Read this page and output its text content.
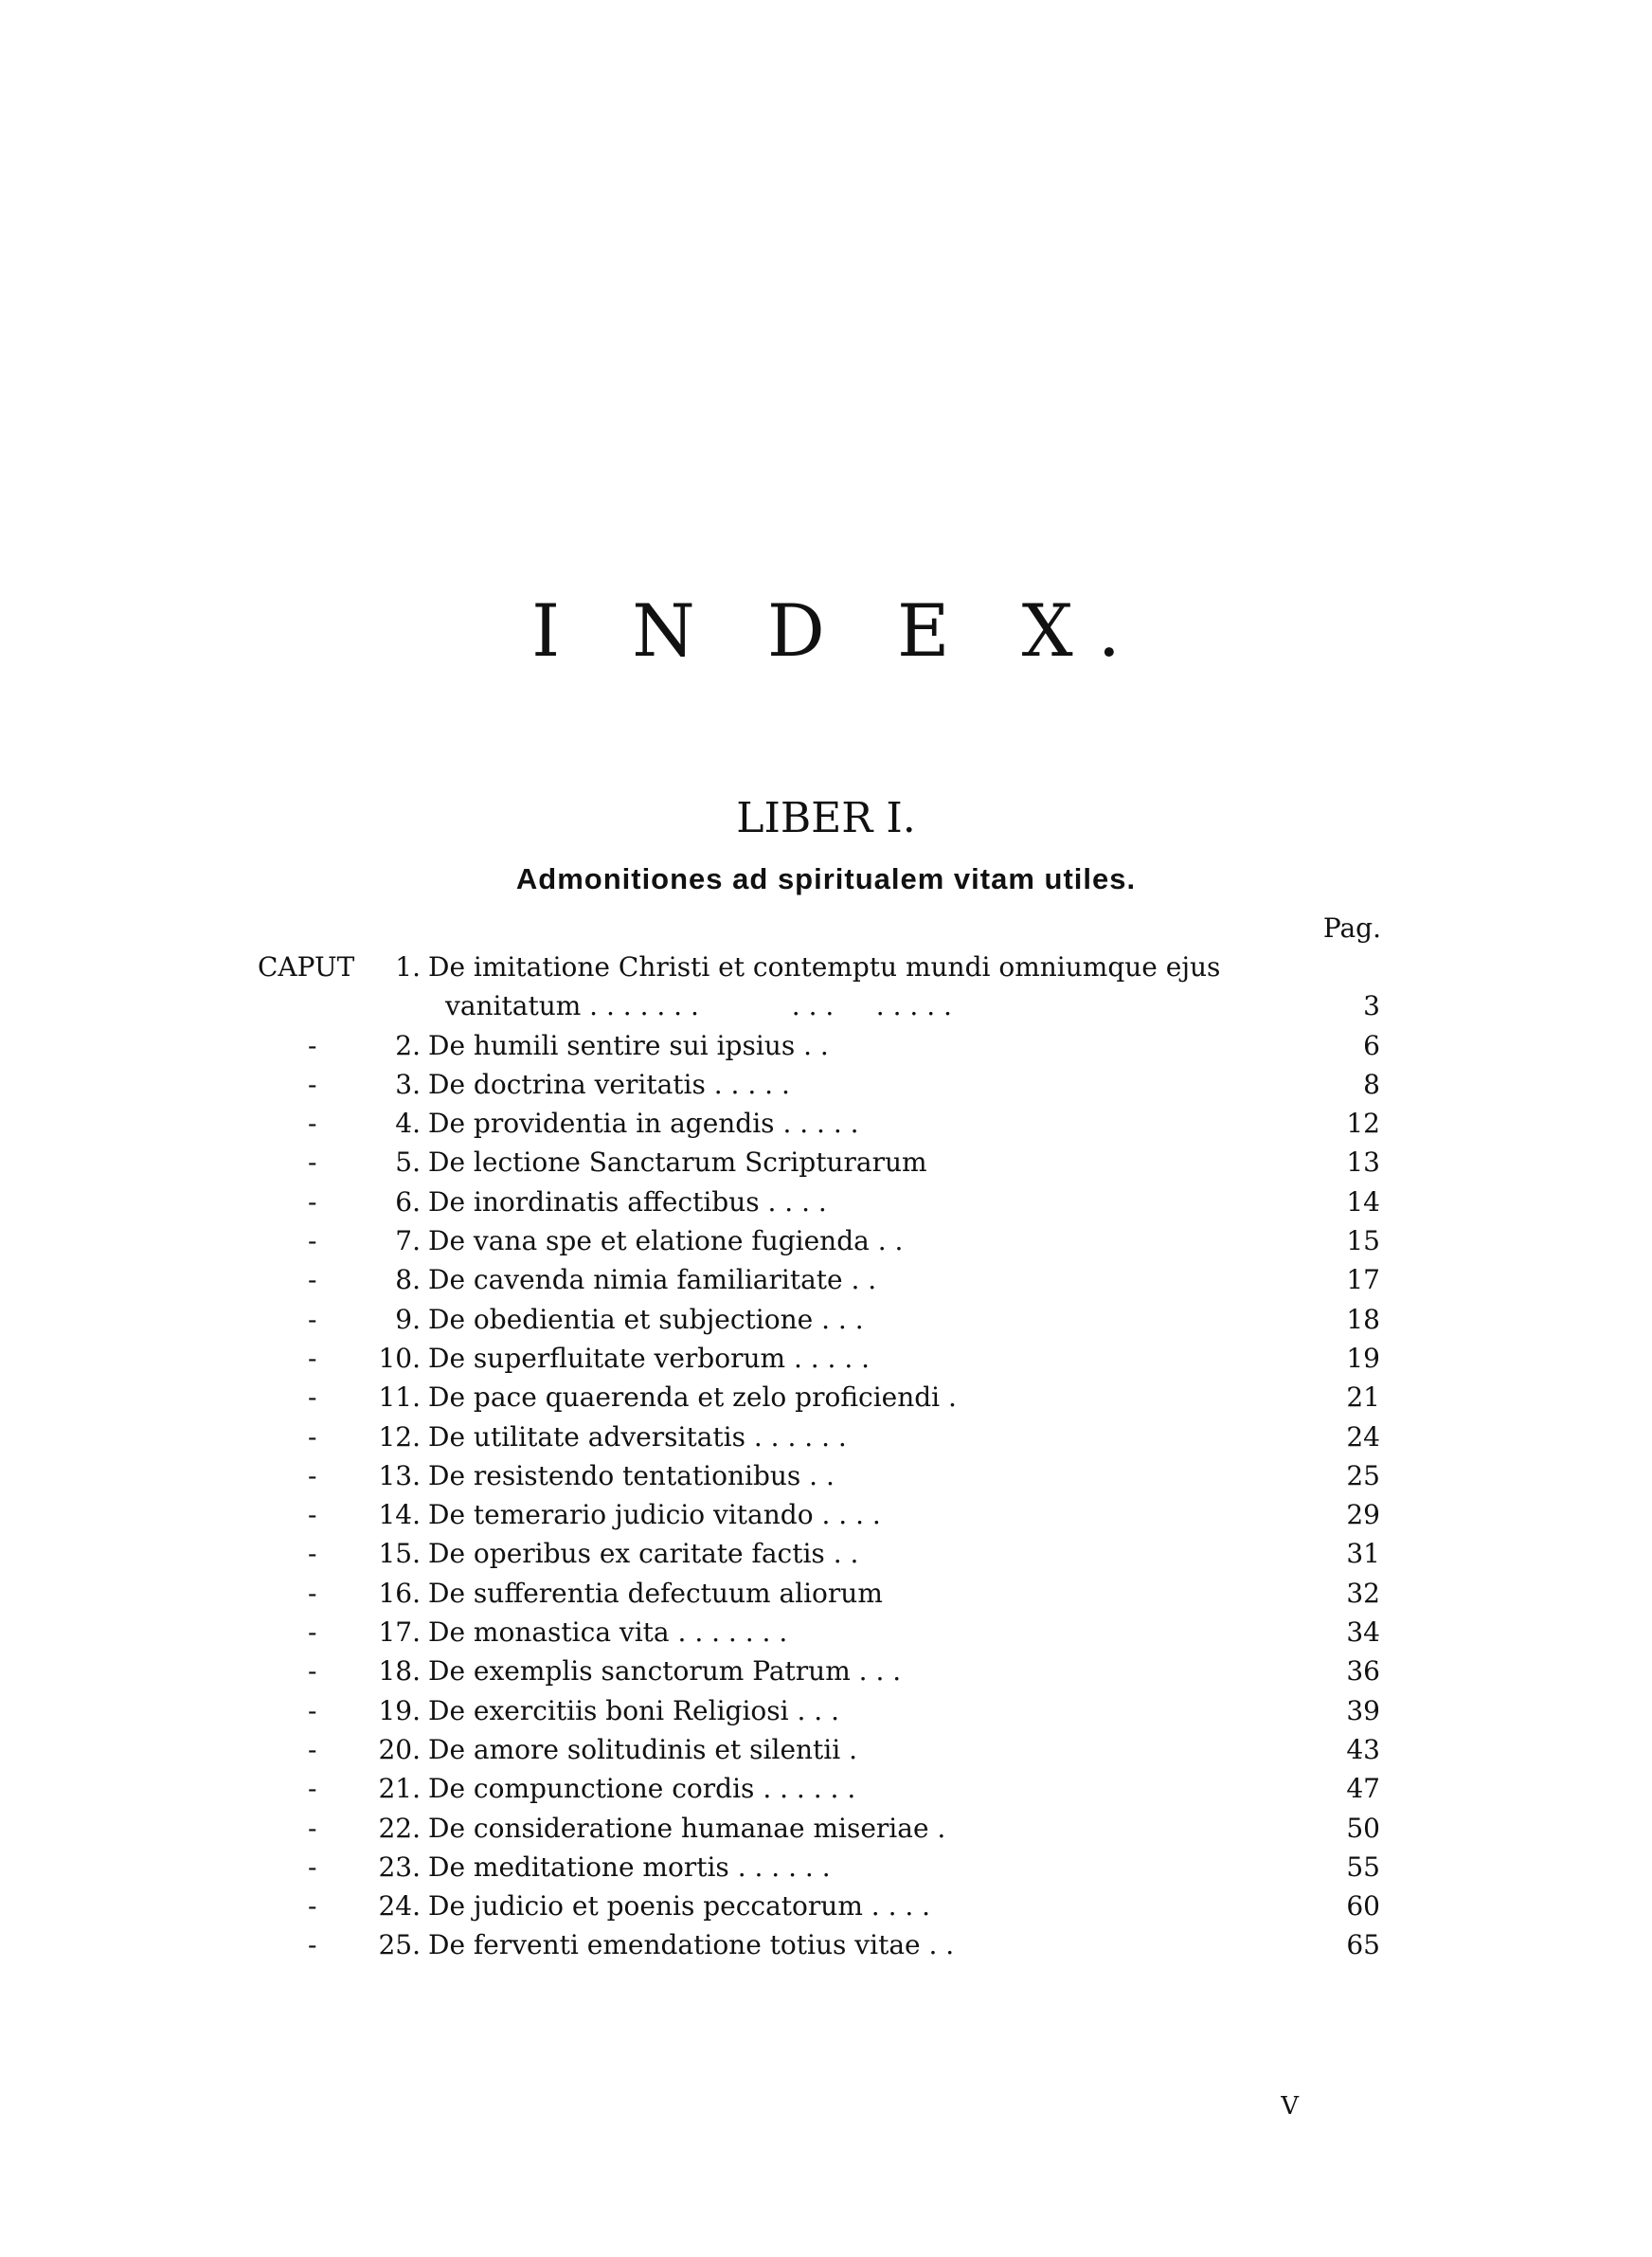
I N D E X.
LIBER I.
Admonitiones ad spiritualem vitam utiles.
Pag.
CAPUT 1. De imitatione Christi et contemptu mundi omniumque ejus
vanitatum . . . . . . .           . . .     . . . . .	3
-	2. De humili sentire sui ipsius . .	6
-	3. De doctrina veritatis . . . . .	8
-	4. De providentia in agendis . . . . .	12
-	5. De lectione Sanctarum Scripturarum	13
-	6. De inordinatis affectibus . . . .	14
-	7. De vana spe et elatione fugienda . .	15
-	8. De cavenda nimia familiaritate . .	17
-	9. De obedientia et subjectione . . .	18
- 10. De superfluitate verborum . . . . .	19
- 11. De pace quaerenda et zelo proficiendi .	21
- 12. De utilitate adversitatis . . . . . .	24
- 13. De resistendo tentationibus . .	25
- 14. De temerario judicio vitando . . . .	29
- 15. De operibus ex caritate factis . .	31
- 16. De sufferentia defectuum aliorum	32
- 17. De monastica vita . . . . . . .	34
- 18. De exemplis sanctorum Patrum . . .	36
- 19. De exercitiis boni Religiosi . . .	39
- 20. De amore solitudinis et silentii .	43
- 21. De compunctione cordis . . . . . .	47
- 22. De consideratione humanae miseriae .	50
- 23. De meditatione mortis . . . . . .	55
- 24. De judicio et poenis peccatorum . . . .	60
- 25. De ferventi emendatione totius vitae . .	65
V
